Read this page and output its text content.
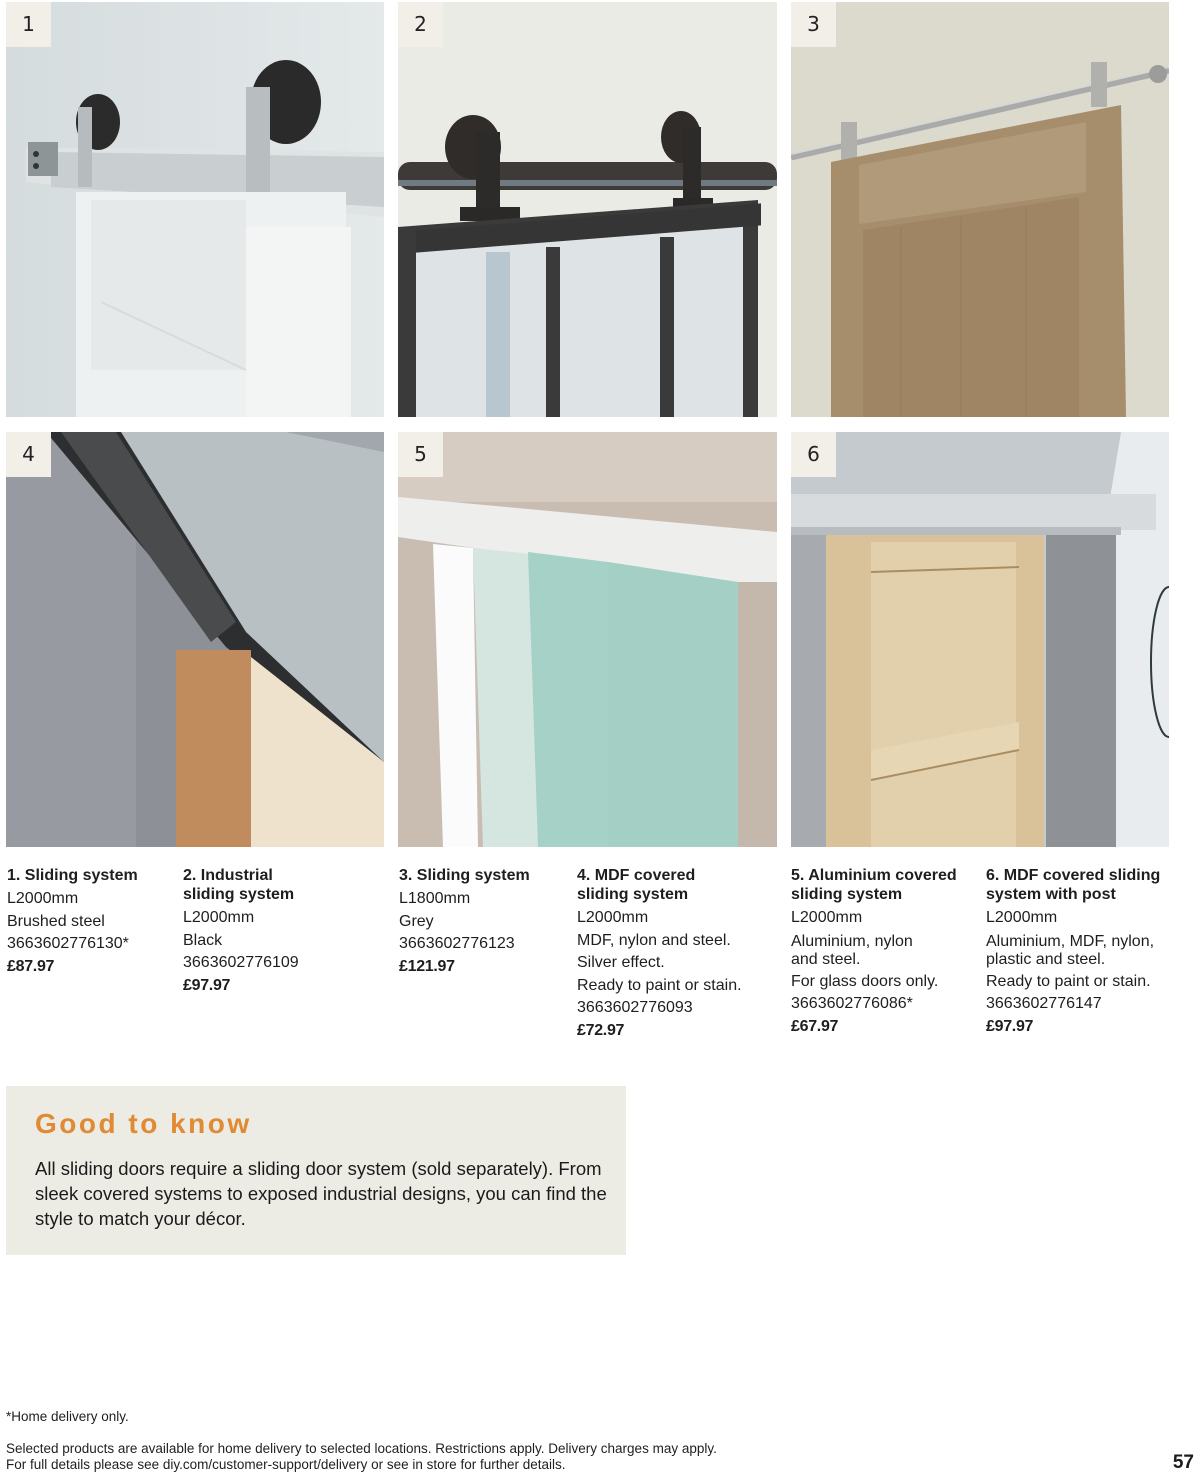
1	2	3
4	5	6
1. Sliding system
L2000mm
Brushed steel
3663602776130*
£87.97
2. Industrial
sliding system
L2000mm
Black
3663602776109
£97.97
3. Sliding system
L1800mm
Grey
3663602776123
£121.97
4. MDF covered
sliding system
L2000mm
MDF, nylon and steel.
Silver effect.
Ready to paint or stain.
3663602776093
£72.97
5. Aluminium covered
sliding system
L2000mm
Aluminium, nylon
and steel.
For glass doors only.
3663602776086*
£67.97
6. MDF covered sliding
system with post
L2000mm
Aluminium, MDF, nylon,
plastic and steel.
Ready to paint or stain.
3663602776147
£97.97
Good to know

All sliding doors require a sliding door system (sold separately). From sleek covered systems to exposed industrial designs, you can find the style to match your décor.

*Home delivery only.
Selected products are available for home delivery to selected locations. Restrictions apply. Delivery charges may apply.
For full details please see diy.com/customer-support/delivery or see in store for further details.	57
